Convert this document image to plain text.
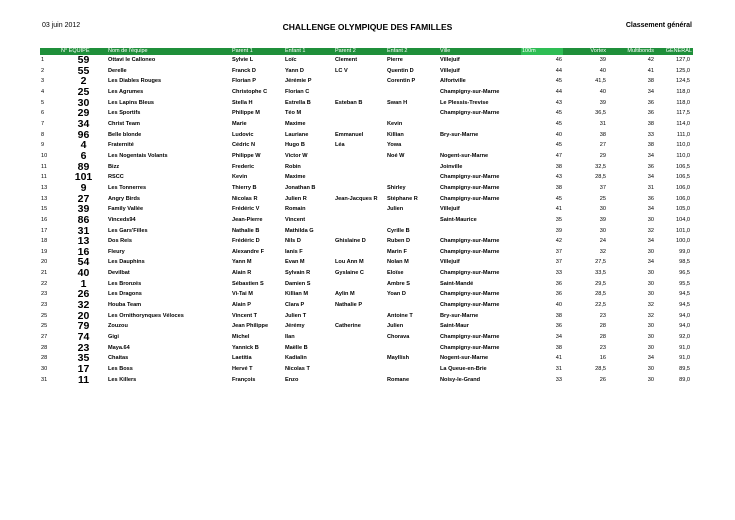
03 juin 2012	CHALLENGE OLYMPIQUE DES FAMILLES	Classement général
	N° EQUIPE	Nom de l'équipe	Parent 1	Enfant 1	Parent 2	Enfant 2	Ville	100m	Vortex	Multibonds	GENERAL
1	59	Ottavi le Calloneo	Sylvie L	Loïc	Clement	Pierre	Villejuif	46	39	42	127,0
2	55	Derelle	Franck D	Yann D	LC V	Quentin D	Villejuif	44	40	41	125,0
3	2	Les Diables Rouges	Florian P	Jérémie P		Corentin P	Alfortville	45	41,5	38	124,5
4	25	Les Agrumes	Christophe C	Florian C			Champigny-sur-Marne	44	40	34	118,0
5	30	Les Lapins Bleus	Stella H	Estrella B	Esteban B	Swan H	Le Plessis-Trevise	43	39	36	118,0
6	29	Les Sportifs	Philippe M	Téo M			Champigny-sur-Marne	45	36,5	36	117,5
7	34	Christ Team	Marie	Maxime		Kevin		45	31	38	114,0
8	96	Belle blonde	Ludovic	Lauriane	Emmanuel	Killian	Bry-sur-Marne	40	38	33	111,0
9	4	Fraternité	Cédric N	Hugo B	Léa	Yowa		45	27	38	110,0
10	6	Les Nogentais Volants	Philippe W	Victor W		Noé W	Nogent-sur-Marne	47	29	34	110,0
11	89	Bizz	Frederic	Robin			Joinville	38	32,5	36	106,5
11	101	RSCC	Kevin	Maxime			Champigny-sur-Marne	43	28,5	34	106,5
13	9	Les Tonnerres	Thierry B	Jonathan B		Shirley	Champigny-sur-Marne	38	37	31	106,0
13	27	Angry Birds	Nicolas R	Julien R	Jean-Jacques R	Stéphane R	Champigny-sur-Marne	45	25	36	106,0
15	39	Family Vallée	Frédéric V	Romain		Julien	Villejuif	41	30	34	105,0
16	86	Vinceds94	Jean-Pierre	Vincent			Saint-Maurice	35	39	30	104,0
17	31	Les Gars'Filles	Nathalie B	Mathilda G		Cyrille B		39	30	32	101,0
18	13	Dos Reis	Frédéric D	Nils D	Ghislaine D	Ruben D	Champigny-sur-Marne	42	24	34	100,0
19	16	Fleury	Alexandre F	Ianis F		Marin F	Champigny-sur-Marne	37	32	30	99,0
20	54	Les Dauphins	Yann M	Evan M	Lou Ann M	Nolan M	Villejuif	37	27,5	34	98,5
21	40	Devilbat	Alain R	Sylvain R	Gyslaine C	Eloïse	Champigny-sur-Marne	33	33,5	30	96,5
22	1	Les Bronzés	Sébastien S	Damien S		Ambre S	Saint-Mandé	36	29,5	30	95,5
23	26	Les Dragons	Vi-Tai M	Killian M	Aylin M	Yoan D	Champigny-sur-Marne	36	28,5	30	94,5
23	32	Houba Team	Alain P	Clara P	Nathalie P		Champigny-sur-Marne	40	22,5	32	94,5
25	20	Les Ornithorynques Véloces	Vincent T	Julien T		Antoine T	Bry-sur-Marne	38	23	32	94,0
25	79	Zouzou	Jean Philippe	Jérémy	Catherine	Julien	Saint-Maur	36	28	30	94,0
27	74	Gigi	Michel	Ilan		Chorava	Champigny-sur-Marne	34	28	30	92,0
28	23	Maya.64	Yannick B	Maëlle B			Champigny-sur-Marne	38	23	30	91,0
28	35	Chaitas	Laetitia	Kadialin		Mayllish	Nogent-sur-Marne	41	16	34	91,0
30	17	Les Boss	Hervé T	Nicolas T			La Queue-en-Brie	31	28,5	30	89,5
31	11	Les Killers	François	Enzo		Romane	Noisy-le-Grand	33	26	30	89,0
